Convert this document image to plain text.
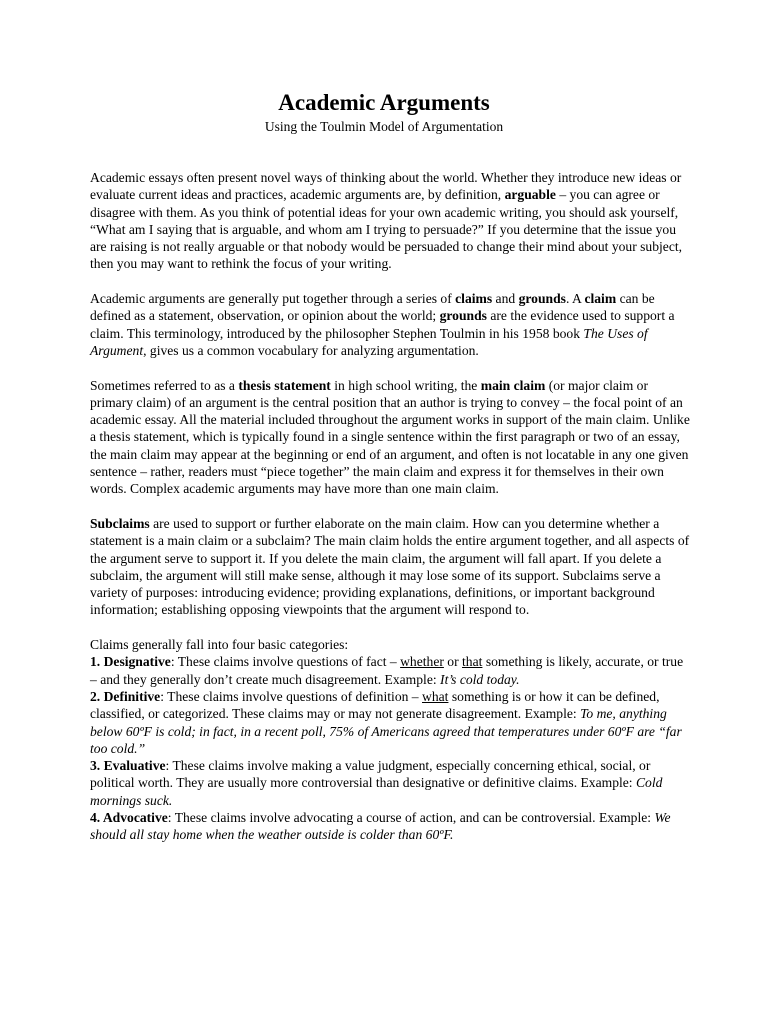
Academic Arguments
Using the Toulmin Model of Argumentation

Academic essays often present novel ways of thinking about the world. Whether they introduce new ideas or evaluate current ideas and practices, academic arguments are, by definition, arguable – you can agree or disagree with them. As you think of potential ideas for your own academic writing, you should ask yourself, “What am I saying that is arguable, and whom am I trying to persuade?” If you determine that the issue you are raising is not really arguable or that nobody would be persuaded to change their mind about your subject, then you may want to rethink the focus of your writing.

Academic arguments are generally put together through a series of claims and grounds. A claim can be defined as a statement, observation, or opinion about the world; grounds are the evidence used to support a claim. This terminology, introduced by the philosopher Stephen Toulmin in his 1958 book The Uses of Argument, gives us a common vocabulary for analyzing argumentation.

Sometimes referred to as a thesis statement in high school writing, the main claim (or major claim or primary claim) of an argument is the central position that an author is trying to convey – the focal point of an academic essay. All the material included throughout the argument works in support of the main claim. Unlike a thesis statement, which is typically found in a single sentence within the first paragraph or two of an essay, the main claim may appear at the beginning or end of an argument, and often is not locatable in any one given sentence – rather, readers must “piece together” the main claim and express it for themselves in their own words. Complex academic arguments may have more than one main claim.

Subclaims are used to support or further elaborate on the main claim. How can you determine whether a statement is a main claim or a subclaim? The main claim holds the entire argument together, and all aspects of the argument serve to support it. If you delete the main claim, the argument will fall apart. If you delete a subclaim, the argument will still make sense, although it may lose some of its support. Subclaims serve a variety of purposes: introducing evidence; providing explanations, definitions, or important background information; establishing opposing viewpoints that the argument will respond to.

Claims generally fall into four basic categories:

1. Designative: These claims involve questions of fact – whether or that something is likely, accurate, or true – and they generally don’t create much disagreement. Example: It’s cold today.

2. Definitive: These claims involve questions of definition – what something is or how it can be defined, classified, or categorized. These claims may or may not generate disagreement. Example: To me, anything below 60ºF is cold; in fact, in a recent poll, 75% of Americans agreed that temperatures under 60ºF are “far too cold.”

3. Evaluative: These claims involve making a value judgment, especially concerning ethical, social, or political worth. They are usually more controversial than designative or definitive claims. Example: Cold mornings suck.

4. Advocative: These claims involve advocating a course of action, and can be controversial. Example: We should all stay home when the weather outside is colder than 60ºF.
